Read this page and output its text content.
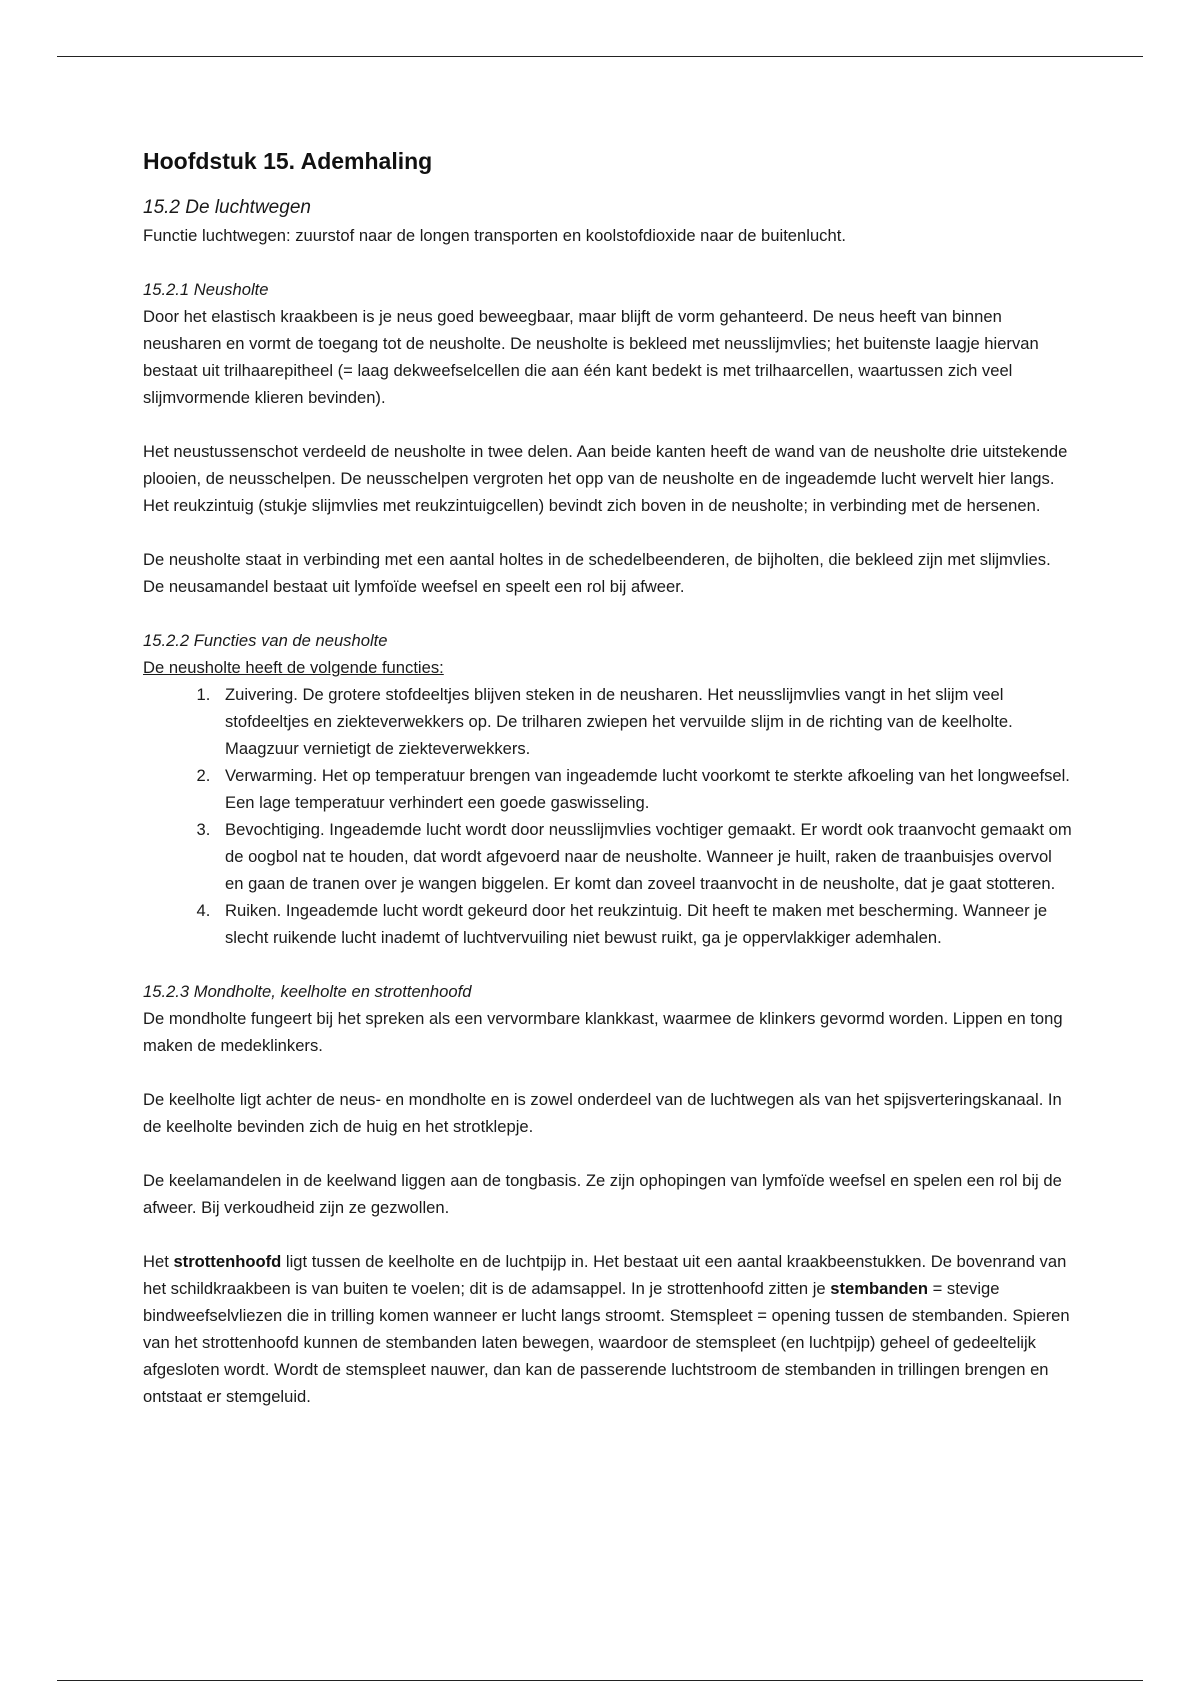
Hoofdstuk 15. Ademhaling

15.2 De luchtwegen

Functie luchtwegen: zuurstof naar de longen transporten en koolstofdioxide naar de buitenlucht.

15.2.1 Neusholte

Door het elastisch kraakbeen is je neus goed beweegbaar, maar blijft de vorm gehanteerd. De neus heeft van binnen neusharen en vormt de toegang tot de neusholte. De neusholte is bekleed met neusslijmvlies; het buitenste laagje hiervan bestaat uit trilhaarepitheel (= laag dekweefselcellen die aan één kant bedekt is met trilhaarcellen, waartussen zich veel slijmvormende klieren bevinden).

Het neustussenschot verdeeld de neusholte in twee delen. Aan beide kanten heeft de wand van de neusholte drie uitstekende plooien, de neusschelpen. De neusschelpen vergroten het opp van de neusholte en de ingeademde lucht wervelt hier langs. Het reukzintuig (stukje slijmvlies met reukzintuigcellen) bevindt zich boven in de neusholte; in verbinding met de hersenen.

De neusholte staat in verbinding met een aantal holtes in de schedelbeenderen, de bijholten, die bekleed zijn met slijmvlies. De neusamandel bestaat uit lymfoïde weefsel en speelt een rol bij afweer.

15.2.2 Functies van de neusholte

De neusholte heeft de volgende functies:

1. Zuivering. De grotere stofdeeltjes blijven steken in de neusharen. Het neusslijmvlies vangt in het slijm veel stofdeeltjes en ziekteverwekkers op. De trilharen zwiepen het vervuilde slijm in de richting van de keelholte. Maagzuur vernietigt de ziekteverwekkers.
2. Verwarming. Het op temperatuur brengen van ingeademde lucht voorkomt te sterkte afkoeling van het longweefsel. Een lage temperatuur verhindert een goede gaswisseling.
3. Bevochtiging. Ingeademde lucht wordt door neusslijmvlies vochtiger gemaakt. Er wordt ook traanvocht gemaakt om de oogbol nat te houden, dat wordt afgevoerd naar de neusholte. Wanneer je huilt, raken de traanbuisjes overvol en gaan de tranen over je wangen biggelen. Er komt dan zoveel traanvocht in de neusholte, dat je gaat stotteren.
4. Ruiken. Ingeademde lucht wordt gekeurd door het reukzintuig. Dit heeft te maken met bescherming. Wanneer je slecht ruikende lucht inademt of luchtvervuiling niet bewust ruikt, ga je oppervlakkiger ademhalen.

15.2.3 Mondholte, keelholte en strottenhoofd

De mondholte fungeert bij het spreken als een vervormbare klankkast, waarmee de klinkers gevormd worden. Lippen en tong maken de medeklinkers.

De keelholte ligt achter de neus- en mondholte en is zowel onderdeel van de luchtwegen als van het spijsverteringskanaal. In de keelholte bevinden zich de huig en het strotklepje.

De keelamandelen in de keelwand liggen aan de tongbasis. Ze zijn ophopingen van lymfoïde weefsel en spelen een rol bij de afweer. Bij verkoudheid zijn ze gezwollen.

Het strottenhoofd ligt tussen de keelholte en de luchtpijp in. Het bestaat uit een aantal kraakbeenstukken. De bovenrand van het schildkraakbeen is van buiten te voelen; dit is de adamsappel. In je strottenhoofd zitten je stembanden = stevige bindweefselvliezen die in trilling komen wanneer er lucht langs stroomt. Stemspleet = opening tussen de stembanden. Spieren van het strottenhoofd kunnen de stembanden laten bewegen, waardoor de stemspleet (en luchtpijp) geheel of gedeeltelijk afgesloten wordt. Wordt de stemspleet nauwer, dan kan de passerende luchtstroom de stembanden in trillingen brengen en ontstaat er stemgeluid.
